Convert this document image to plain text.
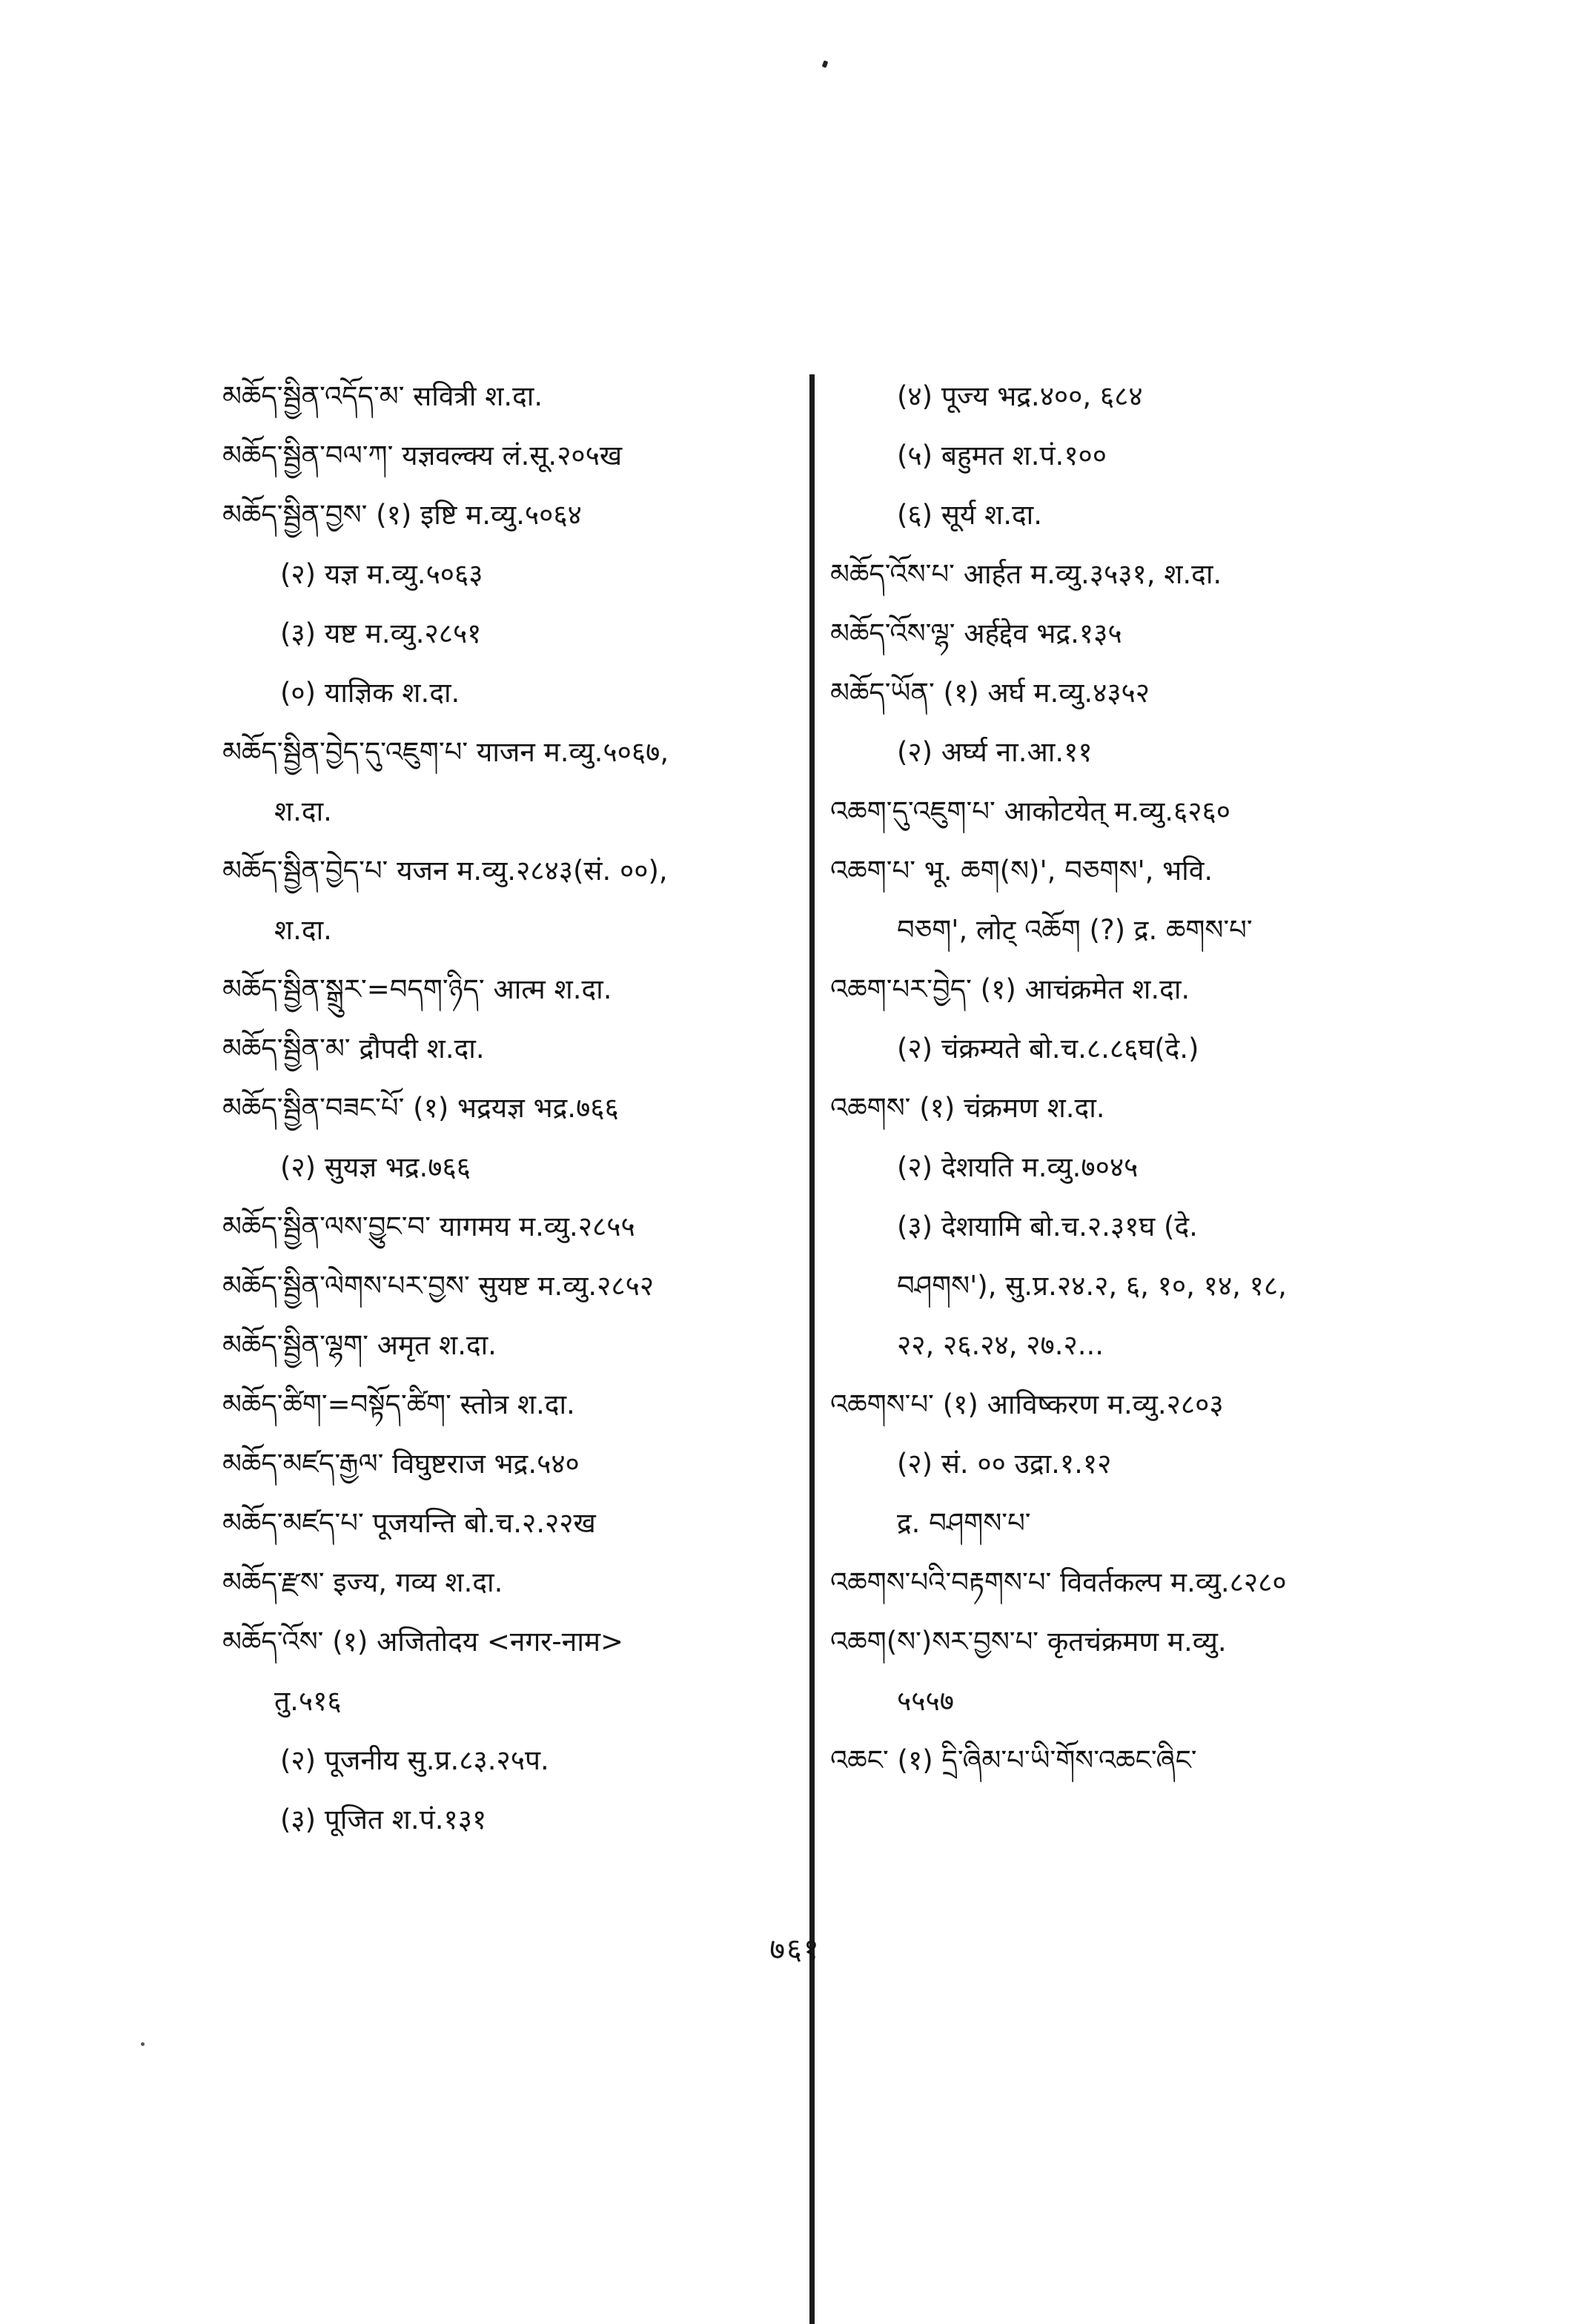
མཆོད་སྦྱིན་འདོད་མ་ सवित्री श.दा.
མཆོད་སྦྱིན་བལ་ཀ་ यज्ञवल्क्य लं.सू.२०५ख
མཆོད་སྦྱིན་བྱས་ (१) इष्टि म.व्यु.५०६४
(२) यज्ञ म.व्यु.५०६३
(३) यष्ट म.व्यु.२८५१
(०) याज्ञिक श.दा.
མཆོད་སྦྱིན་བྱེད་དུ་འཇུག་པ་ याजन म.व्यु.५०६७,
श.दा.
མཆོད་སྦྱིན་བྱེད་པ་ यजन म.व्यु.२८४३(सं. ००),
श.दा.
མཆོད་སྦྱིན་སྒྲུར་=བདག་ཉིད་ आत्म श.दा.
མཆོད་སྦྱིན་མ་ द्रौपदी श.दा.
མཆོད་སྦྱིན་བཟང་པོ་ (१) भद्रयज्ञ भद्र.७६६
(२) सुयज्ञ भद्र.७६६
མཆོད་སྦྱིན་ལས་བྱུང་བ་ यागमय म.व्यु.२८५५
མཆོད་སྦྱིན་ལེགས་པར་བྱས་ सुयष्ट म.व्यु.२८५२
མཆོད་སྦྱིན་ལྷག་ अमृत श.दा.
མཆོད་ཚིག་=བསྟོད་ཚིག་ स्तोत्र श.दा.
མཆོད་མཛད་རྒྱལ་ विघुष्टराज भद्र.५४०
མཆོད་མཛད་པ་ पूजयन्ति बो.च.२.२२ख
མཆོད་རྫས་ इज्य, गव्य श.दा.
མཆོད་འོས་ (१) अजितोदय <नगर-नाम>
तु.५१६
(२) पूजनीय सु.प्र.८३.२५प.
(३) पूजित श.पं.१३१
(४) पूज्य भद्र.४००, ६८४
(५) बहुमत श.पं.१००
(६) सूर्य श.दा.
མཆོད་འོས་པ་ आर्हत म.व्यु.३५३१, श.दा.
མཆོད་འོས་ལྷ་ अर्हद्देव भद्र.१३५
མཆོད་ཡོན་ (१) अर्घ म.व्यु.४३५२
(२) अर्घ्य ना.आ.११
འཆག་དུ་འཇུག་པ་ आकोटयेत् म.व्यु.६२६०
འཆག་པ་ भू. ཆག(ས)', བཅགས', भवि.
བཅག', लोट् འཆོག (?) द्र. ཆགས་པ་
འཆག་པར་བྱེད་ (१) आचंक्रमेत श.दा.
(२) चंक्रम्यते बो.च.८.८६घ(दे.)
འཆགས་ (१) चंक्रमण श.दा.
(२) देशयति म.व्यु.७०४५
(३) देशयामि बो.च.२.३१घ (दे.
བཤགས'), सु.प्र.२४.२, ६, १०, १४, १८,
२२, २६.२४, २७.२...
འཆགས་པ་ (१) आविष्करण म.व्यु.२८०३
(२) सं. ०० उद्रा.१.१२
द्र. བཤགས་པ་
འཆགས་པའི་བརྟགས་པ་ विवर्तकल्प म.व्यु.८२८०
འཆག(ས་)སར་བྱས་པ་ कृतचंक्रमण म.व्यु.
५५५७
འཆང་ (१) དྲི་ཞིམ་པ་ཡི་གོས་འཆང་ཞིང་
७६१
